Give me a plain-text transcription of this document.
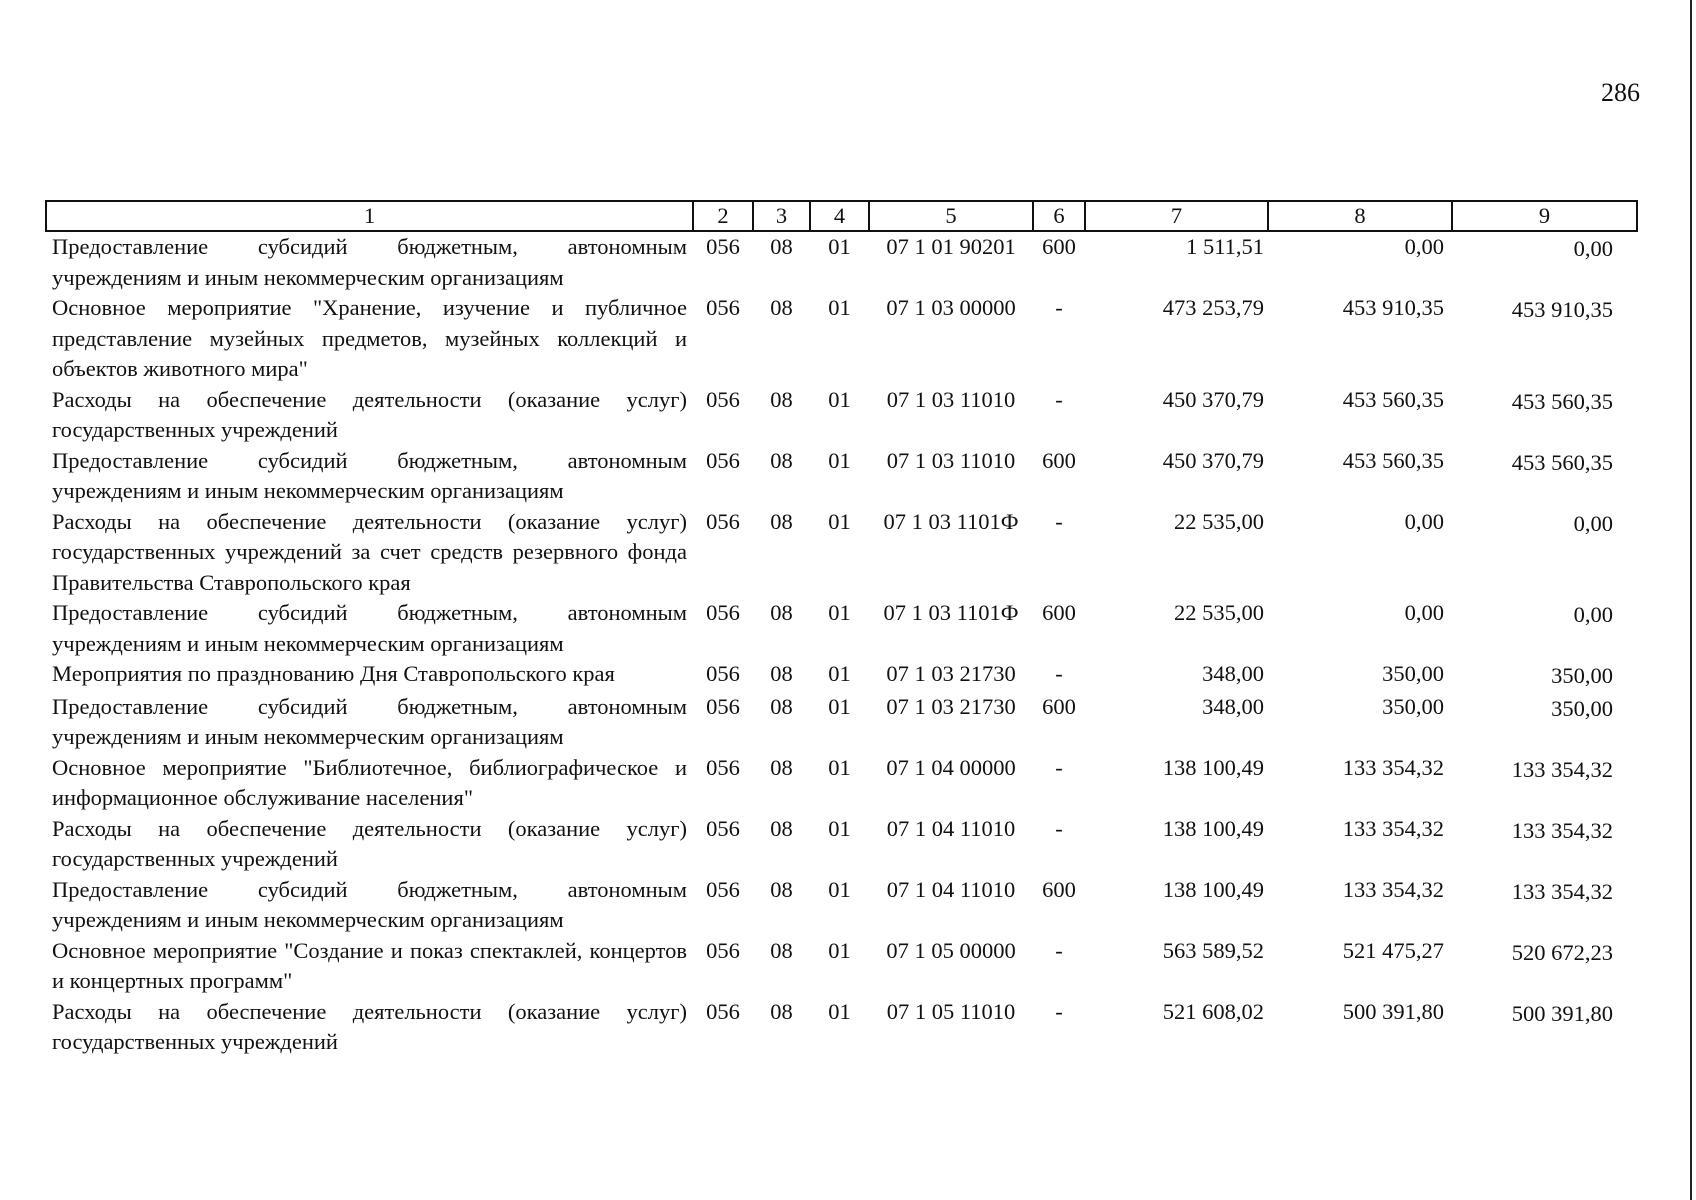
286
1	2	3	4	5	6	7	8	9
Предоставление субсидий бюджетным, автономным учреждениям и иным некоммерческим организациям	056	08	01	07 1 01 90201	600	1 511,51	0,00	0,00
Основное мероприятие "Хранение, изучение и публичное представление музейных предметов, музейных коллекций и объектов животного мира"	056	08	01	07 1 03 00000	-	473 253,79	453 910,35	453 910,35
Расходы на обеспечение деятельности (оказание услуг) государственных учреждений	056	08	01	07 1 03 11010	-	450 370,79	453 560,35	453 560,35
Предоставление субсидий бюджетным, автономным учреждениям и иным некоммерческим организациям	056	08	01	07 1 03 11010	600	450 370,79	453 560,35	453 560,35
Расходы на обеспечение деятельности (оказание услуг) государственных учреждений за счет средств резервного фонда Правительства Ставропольского края	056	08	01	07 1 03 1101Ф	-	22 535,00	0,00	0,00
Предоставление субсидий бюджетным, автономным учреждениям и иным некоммерческим организациям	056	08	01	07 1 03 1101Ф	600	22 535,00	0,00	0,00
Мероприятия по празднованию Дня Ставропольского края	056	08	01	07 1 03 21730	-	348,00	350,00	350,00
Предоставление субсидий бюджетным, автономным учреждениям и иным некоммерческим организациям	056	08	01	07 1 03 21730	600	348,00	350,00	350,00
Основное мероприятие "Библиотечное, библиографическое и информационное обслуживание населения"	056	08	01	07 1 04 00000	-	138 100,49	133 354,32	133 354,32
Расходы на обеспечение деятельности (оказание услуг) государственных учреждений	056	08	01	07 1 04 11010	-	138 100,49	133 354,32	133 354,32
Предоставление субсидий бюджетным, автономным учреждениям и иным некоммерческим организациям	056	08	01	07 1 04 11010	600	138 100,49	133 354,32	133 354,32
Основное мероприятие "Создание и показ спектаклей, концертов и концертных программ"	056	08	01	07 1 05 00000	-	563 589,52	521 475,27	520 672,23
Расходы на обеспечение деятельности (оказание услуг) государственных учреждений	056	08	01	07 1 05 11010	-	521 608,02	500 391,80	500 391,80
